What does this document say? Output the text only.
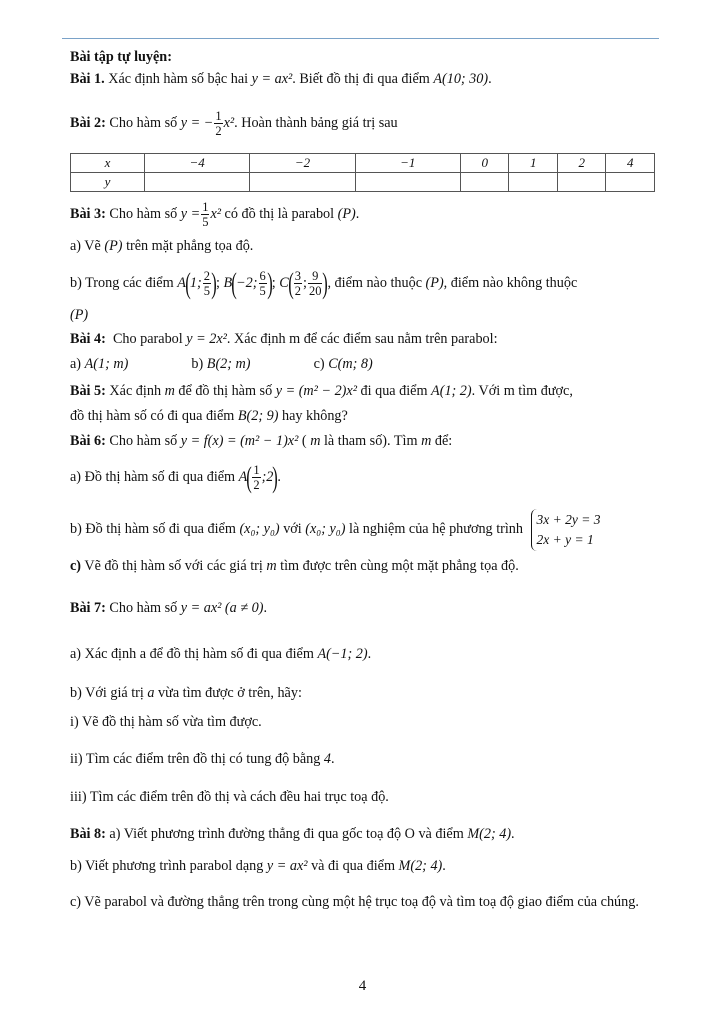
Bài tập tự luyện:
Bài 1. Xác định hàm số bậc hai y = ax². Biết đồ thị đi qua điểm A(10; 30).
Bài 2: Cho hàm số y = − $\frac{1}{2} x^2$. Hoàn thành bảng giá trị sau
x	−4	−2	−1	0	1	2	4
y							
Bài 3: Cho hàm số $y = \frac{1}{5} x^2$ có đồ thị là parabol (P).
a) Vẽ (P) trên mặt phẳng tọa độ.
b) Trong các điểm A(1; $\frac{2}{5}$ ); B(−2; $\frac{6}{5}$ ); $C( \frac{3}{2}$ ; $\frac{9}{20}$ ), điểm nào thuộc (P), điểm nào không thuộc
(P)
Bài 4: Cho parabol y = 2x². Xác định m để các điểm sau nằm trên parabol:
a) A(1; m)	b) B(2; m)	c) C(m; 8)
Bài 5: Xác định m để đồ thị hàm số y = (m² − 2)x² đi qua điểm A(1; 2). Với m tìm được,
đồ thị hàm số có đi qua điểm B(2; 9) hay không?
Bài 6: Cho hàm số y = f(x) = (m² − 1)x² ( m là tham số). Tìm m để:
a) Đồ thị hàm số đi qua điểm $A( \frac{1}{2}$ ;2).
b) Đồ thị hàm số đi qua điểm (x₀; y₀) với (x₀; y₀) là nghiệm của hệ phương trình
3x + 2y = 3
2x + y = 1
c) Vẽ đồ thị hàm số với các giá trị m tìm được trên cùng một mặt phẳng tọa độ.
Bài 7: Cho hàm số y = ax² (a ≠ 0).
a) Xác định a để đồ thị hàm số đi qua điểm A(−1; 2).
b) Với giá trị a vừa tìm được ở trên, hãy:
i) Vẽ đồ thị hàm số vừa tìm được.
ii) Tìm các điểm trên đồ thị có tung độ bằng 4.
iii) Tìm các điểm trên đồ thị và cách đều hai trục toạ độ.
Bài 8: a) Viết phương trình đường thẳng đi qua gốc toạ độ O và điểm M(2; 4).
b) Viết phương trình parabol dạng y = ax² và đi qua điểm M(2; 4).
c) Vẽ parabol và đường thẳng trên trong cùng một hệ trục toạ độ và tìm toạ độ giao điểm của chúng.
4
